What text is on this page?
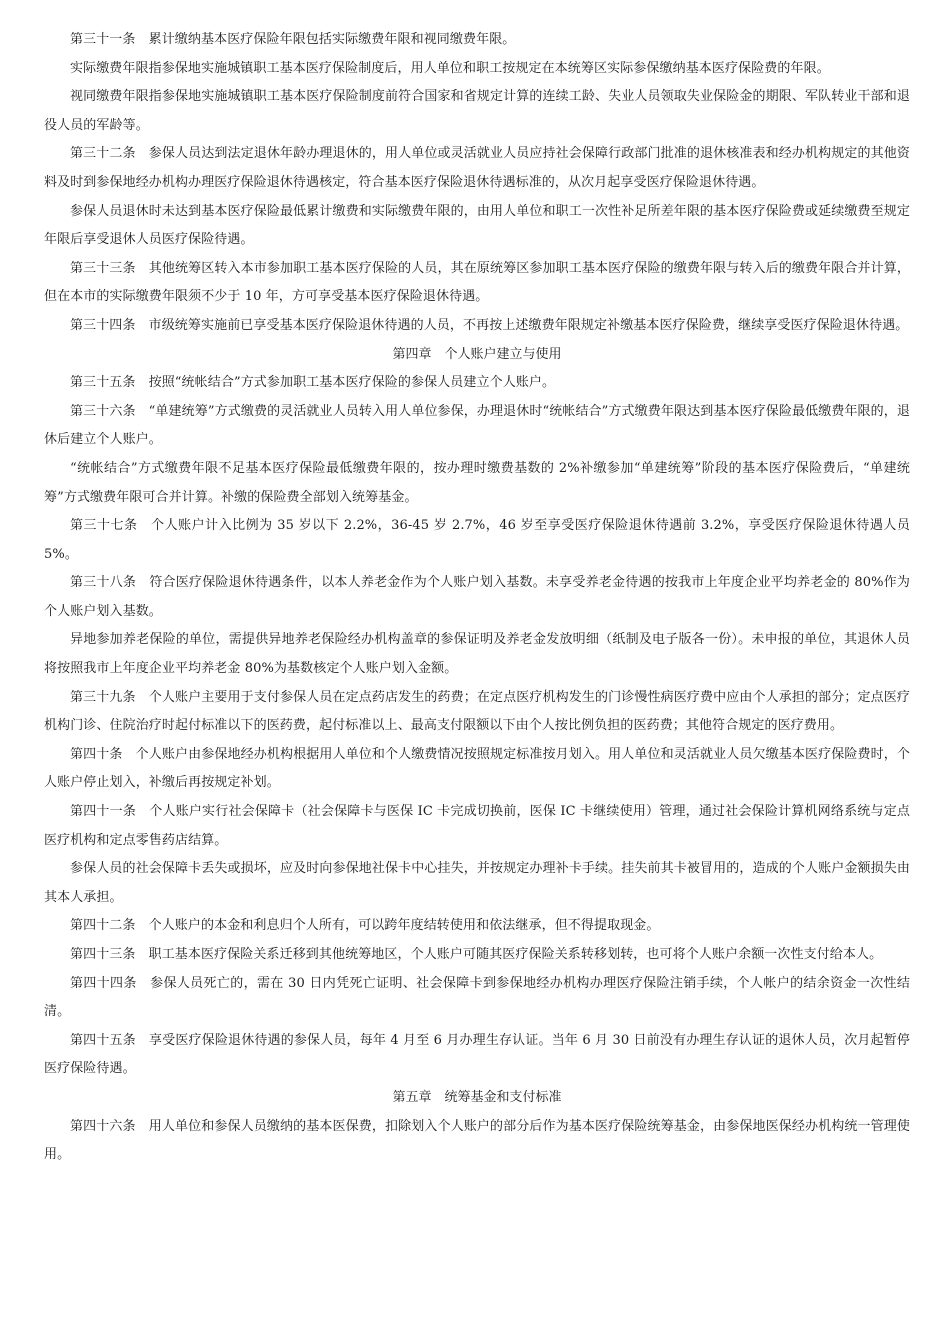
第三十一条　累计缴纳基本医疗保险年限包括实际缴费年限和视同缴费年限。

实际缴费年限指参保地实施城镇职工基本医疗保险制度后，用人单位和职工按规定在本统筹区实际参保缴纳基本医疗保险费的年限。

视同缴费年限指参保地实施城镇职工基本医疗保险制度前符合国家和省规定计算的连续工龄、失业人员领取失业保险金的期限、军队转业干部和退役人员的军龄等。

第三十二条　参保人员达到法定退休年龄办理退休的，用人单位或灵活就业人员应持社会保障行政部门批准的退休核准表和经办机构规定的其他资料及时到参保地经办机构办理医疗保险退休待遇核定，符合基本医疗保险退休待遇标准的，从次月起享受医疗保险退休待遇。

参保人员退休时未达到基本医疗保险最低累计缴费和实际缴费年限的，由用人单位和职工一次性补足所差年限的基本医疗保险费或延续缴费至规定年限后享受退休人员医疗保险待遇。

第三十三条　其他统筹区转入本市参加职工基本医疗保险的人员，其在原统筹区参加职工基本医疗保险的缴费年限与转入后的缴费年限合并计算，但在本市的实际缴费年限须不少于 10 年，方可享受基本医疗保险退休待遇。

第三十四条　市级统筹实施前已享受基本医疗保险退休待遇的人员，不再按上述缴费年限规定补缴基本医疗保险费，继续享受医疗保险退休待遇。

第四章　个人账户建立与使用

第三十五条　按照“统帐结合”方式参加职工基本医疗保险的参保人员建立个人账户。

第三十六条　“单建统筹”方式缴费的灵活就业人员转入用人单位参保，办理退休时“统帐结合”方式缴费年限达到基本医疗保险最低缴费年限的，退休后建立个人账户。

“统帐结合”方式缴费年限不足基本医疗保险最低缴费年限的，按办理时缴费基数的 2%补缴参加“单建统筹”阶段的基本医疗保险费后，“单建统筹”方式缴费年限可合并计算。补缴的保险费全部划入统筹基金。

第三十七条　个人账户计入比例为 35 岁以下 2.2%，36-45 岁 2.7%，46 岁至享受医疗保险退休待遇前 3.2%，享受医疗保险退休待遇人员 5%。

第三十八条　符合医疗保险退休待遇条件，以本人养老金作为个人账户划入基数。未享受养老金待遇的按我市上年度企业平均养老金的 80%作为个人账户划入基数。

异地参加养老保险的单位，需提供异地养老保险经办机构盖章的参保证明及养老金发放明细（纸制及电子版各一份）。未申报的单位，其退休人员将按照我市上年度企业平均养老金 80%为基数核定个人账户划入金额。

第三十九条　个人账户主要用于支付参保人员在定点药店发生的药费；在定点医疗机构发生的门诊慢性病医疗费中应由个人承担的部分；定点医疗机构门诊、住院治疗时起付标准以下的医药费，起付标准以上、最高支付限额以下由个人按比例负担的医药费；其他符合规定的医疗费用。

第四十条　个人账户由参保地经办机构根据用人单位和个人缴费情况按照规定标准按月划入。用人单位和灵活就业人员欠缴基本医疗保险费时，个人账户停止划入，补缴后再按规定补划。

第四十一条　个人账户实行社会保障卡（社会保障卡与医保 IC 卡完成切换前，医保 IC 卡继续使用）管理，通过社会保险计算机网络系统与定点医疗机构和定点零售药店结算。

参保人员的社会保障卡丢失或损坏，应及时向参保地社保卡中心挂失，并按规定办理补卡手续。挂失前其卡被冒用的，造成的个人账户金额损失由其本人承担。

第四十二条　个人账户的本金和利息归个人所有，可以跨年度结转使用和依法继承，但不得提取现金。

第四十三条　职工基本医疗保险关系迁移到其他统筹地区，个人账户可随其医疗保险关系转移划转，也可将个人账户余额一次性支付给本人。

第四十四条　参保人员死亡的，需在 30 日内凭死亡证明、社会保障卡到参保地经办机构办理医疗保险注销手续，个人帐户的结余资金一次性结清。

第四十五条　享受医疗保险退休待遇的参保人员，每年 4 月至 6 月办理生存认证。当年 6 月 30 日前没有办理生存认证的退休人员，次月起暂停医疗保险待遇。

第五章　统筹基金和支付标准

第四十六条　用人单位和参保人员缴纳的基本医保费，扣除划入个人账户的部分后作为基本医疗保险统筹基金，由参保地医保经办机构统一管理使用。
